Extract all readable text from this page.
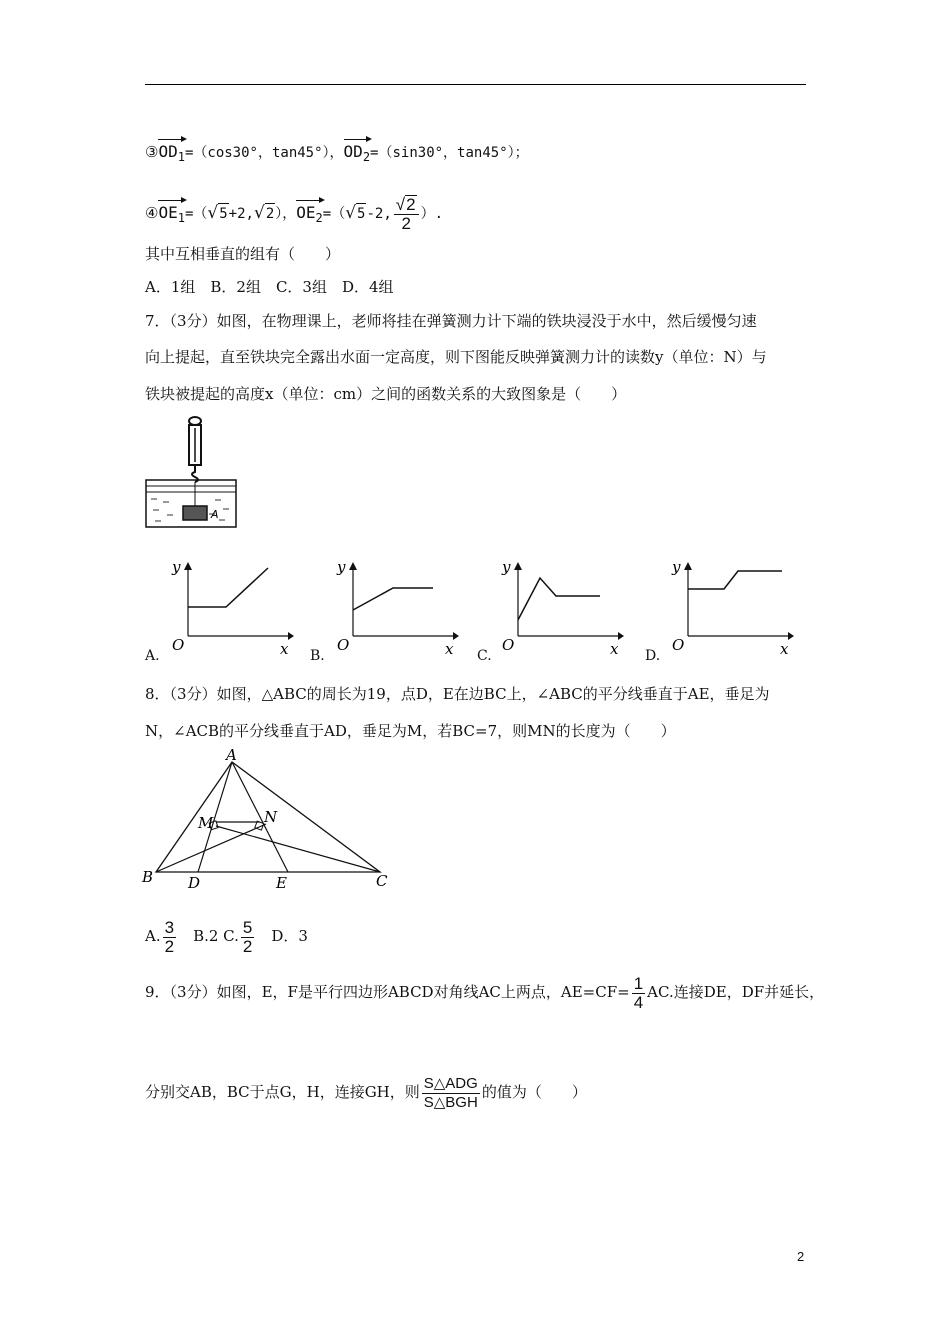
$③OD_1=(\cos 30^\circ$，tan45°），$OD_2=(\sin 30^\circ$，tan45°）；
$④OE_1=(√5+2,√2)$，$OE_2=(√5-2$, $\frac{√2}{2}$ ）.
其中互相垂直的组有（　　）
A．1组　B．2组　C．3组　D．4组
7．（3分）如图，在物理课上，老师将挂在弹簧测力计下端的铁块浸没于水中，然后缓慢匀速
向上提起，直至铁块完全露出水面一定高度，则下图能反映弹簧测力计的读数y（单位：N）与
铁块被提起的高度x（单位：cm）之间的函数关系的大致图象是（　　）
A
y
x
O
A.
y
x
O
B.
y
x
O
C.
y
x
O
D.
8．（3分）如图，△ABC的周长为19，点D，E在边BC上，∠ABC的平分线垂直于AE，垂足为
N，∠ACB的平分线垂直于AD，垂足为M，若BC=7，则MN的长度为（　　）
A
B	C
D	E
M	N
A. $\frac{3}{2}$ 　B.2 C. $\frac{5}{2}$ 　D．3
9．（3分）如图，E，F是平行四边形ABCD对角线AC上两点，$AE=CF= \frac{1}{4}$ AC.连接DE，DF并延长，
分别交AB，BC于点G，H，连接GH，则 $\frac{\text{S△ADG}}{\text{S△BGH}}$ 的值为（　　）
2
